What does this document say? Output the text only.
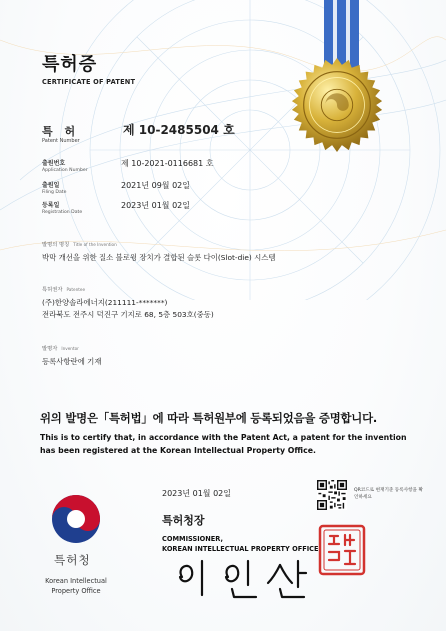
특허증
CERTIFICATE OF PATENT
특 허
Patent Number
제 10-2485504 호
출원번호
Application Number
제 10-2021-0116681 호
출원일
Filing Date
2021년 09월 02일
등록일
Registration Date
2023년 01월 02일
발명의 명칭 Title of the Invention
박막 개선을 위한 질소 블로윙 장치가 결합된 슬롯 다이(Slot-die) 시스템
특허권자 Patentee
(주)한양솔라에너지(211111-*******)
전라북도 전주시 덕진구 기지로 68, 5층 503호(중동)
발명자 Inventor
등록사항란에 기재
위의 발명은「특허법」에 따라 특허원부에 등록되었음을 증명합니다.
This is to certify that, in accordance with the Patent Act, a patent for the invention has been registered at the Korean Intellectual Property Office.
2023년 01월 02일	QR코드로 현재기준 등록사항을 확인하세요
특허청장
COMMISSIONER,
KOREAN INTELLECTUAL PROPERTY OFFICE
특허청
Korean Intellectual
Property Office
